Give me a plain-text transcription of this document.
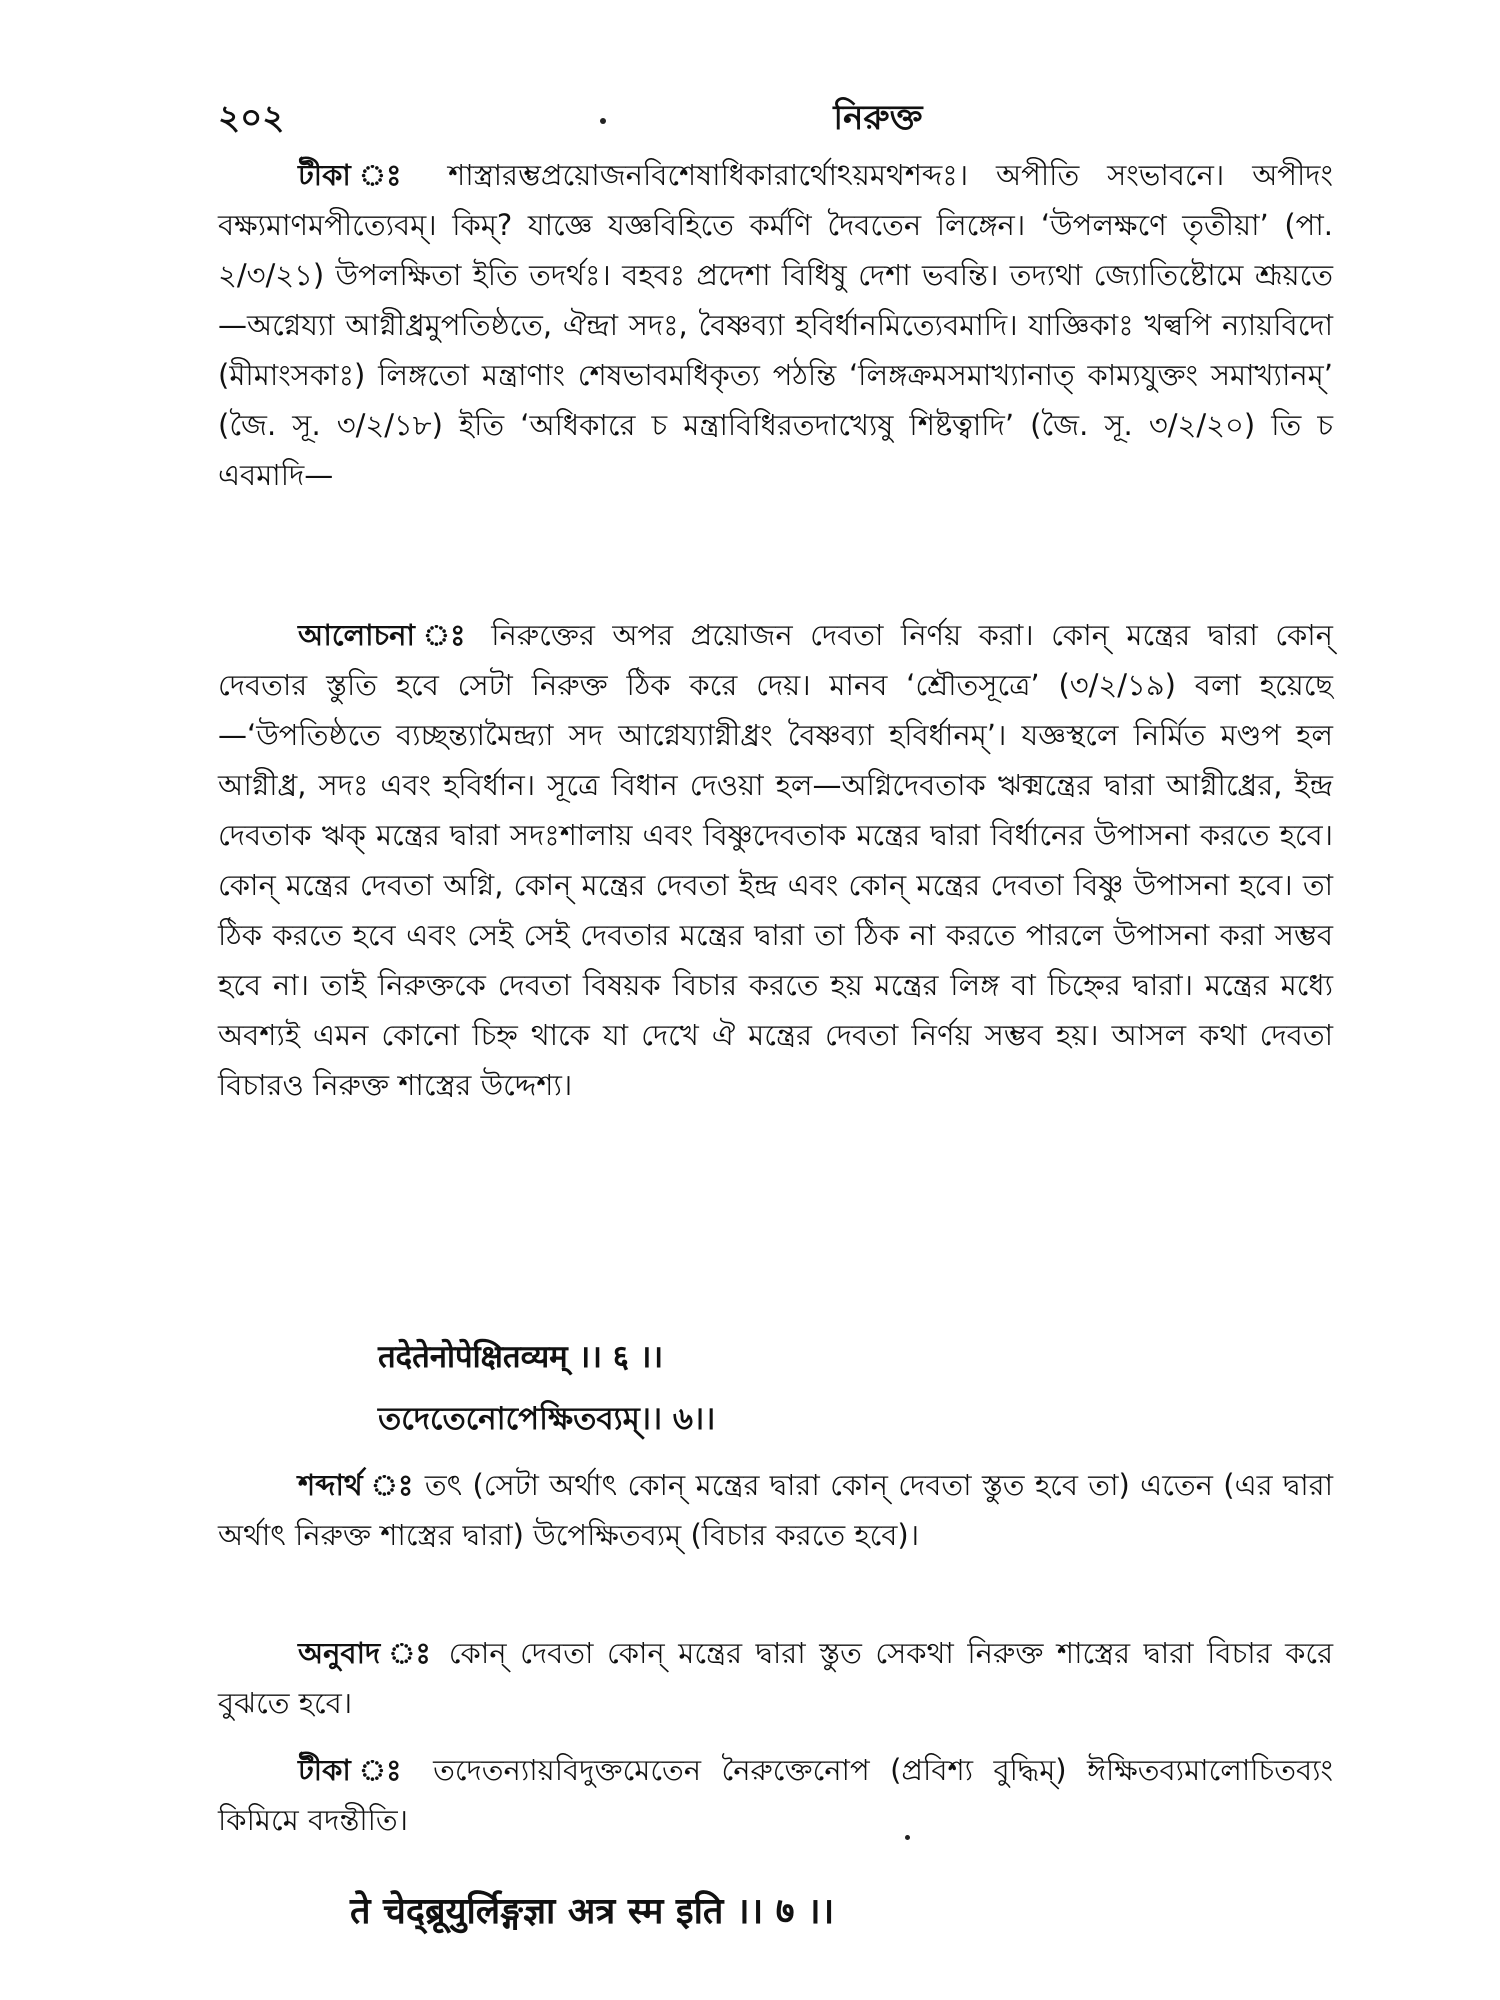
২০২	নিরুক্ত

টীকা ঃ শাস্ত্রারম্ভপ্রয়োজনবিশেষাধিকারার্থোঽয়মথশব্দঃ। অপীতি সংভাবনে। অপীদং বক্ষ্যমাণমপীত্যেবম্। কিম্? যাজ্ঞে যজ্ঞবিহিতে কর্মণি দৈবতেন লিঙ্গেন। ‘উপলক্ষণে তৃতীয়া’ (পা. ২/৩/২১) উপলক্ষিতা ইতি তদর্থঃ। বহবঃ প্রদেশা বিধিষু দেশা ভবন্তি। তদ্যথা জ্যোতিষ্টোমে শ্রূয়তে—অগ্নেয্যা আগ্নীধ্রমুপতিষ্ঠতে, ঐন্দ্রা সদঃ, বৈষ্ণব্যা হবির্ধানমিত্যেবমাদি। যাজ্ঞিকাঃ খল্বপি ন্যায়বিদো (মীমাংসকাঃ) লিঙ্গতো মন্ত্রাণাং শেষভাবমধিকৃত্য পঠন্তি ‘লিঙ্গক্রমসমাখ্যানাত্ কাম্যযুক্তং সমাখ্যানম্’ (জৈ. সূ. ৩/২/১৮) ইতি ‘অধিকারে চ মন্ত্রাবিধিরতদাখ্যেষু শিষ্টত্বাদি’ (জৈ. সূ. ৩/২/২০) তি চ এবমাদি—

আলোচনা ঃ নিরুক্তের অপর প্রয়োজন দেবতা নির্ণয় করা। কোন্ মন্ত্রের দ্বারা কোন্ দেবতার স্তুতি হবে সেটা নিরুক্ত ঠিক করে দেয়। মানব ‘শ্রৌতসূত্রে’ (৩/২/১৯) বলা হয়েছে—‘উপতিষ্ঠতে ব্যচ্ছন্ত্যামৈন্দ্র্যা সদ আগ্নেয্যাগ্নীধ্রং বৈষ্ণব্যা হবির্ধানম্’। যজ্ঞস্থলে নির্মিত মণ্ডপ হল আগ্নীধ্র, সদঃ এবং হবির্ধান। সূত্রে বিধান দেওয়া হল—অগ্নিদেবতাক ঋক্মন্ত্রের দ্বারা আগ্নীধ্রের, ইন্দ্র দেবতাক ঋক্ মন্ত্রের দ্বারা সদঃশালায় এবং বিষ্ণুদেবতাক মন্ত্রের দ্বারা বির্ধানের উপাসনা করতে হবে। কোন্ মন্ত্রের দেবতা অগ্নি, কোন্ মন্ত্রের দেবতা ইন্দ্র এবং কোন্ মন্ত্রের দেবতা বিষ্ণু উপাসনা হবে। তা ঠিক করতে হবে এবং সেই সেই দেবতার মন্ত্রের দ্বারা তা ঠিক না করতে পারলে উপাসনা করা সম্ভব হবে না। তাই নিরুক্তকে দেবতা বিষয়ক বিচার করতে হয় মন্ত্রের লিঙ্গ বা চিহ্নের দ্বারা। মন্ত্রের মধ্যে অবশ্যই এমন কোনো চিহ্ন থাকে যা দেখে ঐ মন্ত্রের দেবতা নির্ণয় সম্ভব হয়। আসল কথা দেবতা বিচারও নিরুক্ত শাস্ত্রের উদ্দেশ্য।

तदेतेनोपेक्षितव्यम् ।। ६ ।।
তদেতেনোপেক্ষিতব্যম্।। ৬।।

শব্দার্থ ঃ তৎ (সেটা অর্থাৎ কোন্ মন্ত্রের দ্বারা কোন্ দেবতা স্তুত হবে তা) এতেন (এর দ্বারা অর্থাৎ নিরুক্ত শাস্ত্রের দ্বারা) উপেক্ষিতব্যম্ (বিচার করতে হবে)।

অনুবাদ ঃ কোন্ দেবতা কোন্ মন্ত্রের দ্বারা স্তুত সেকথা নিরুক্ত শাস্ত্রের দ্বারা বিচার করে বুঝতে হবে।

টীকা ঃ তদেতন্যায়বিদুক্তমেতেন নৈরুক্তেনোপ (প্রবিশ্য বুদ্ধিম্) ঈক্ষিতব্যমালোচিতব্যং কিমিমে বদন্তীতি।

ते चेद्ब्रूयुर्लिङ्गज्ञा अत्र स्म इति ।। ७ ।।
